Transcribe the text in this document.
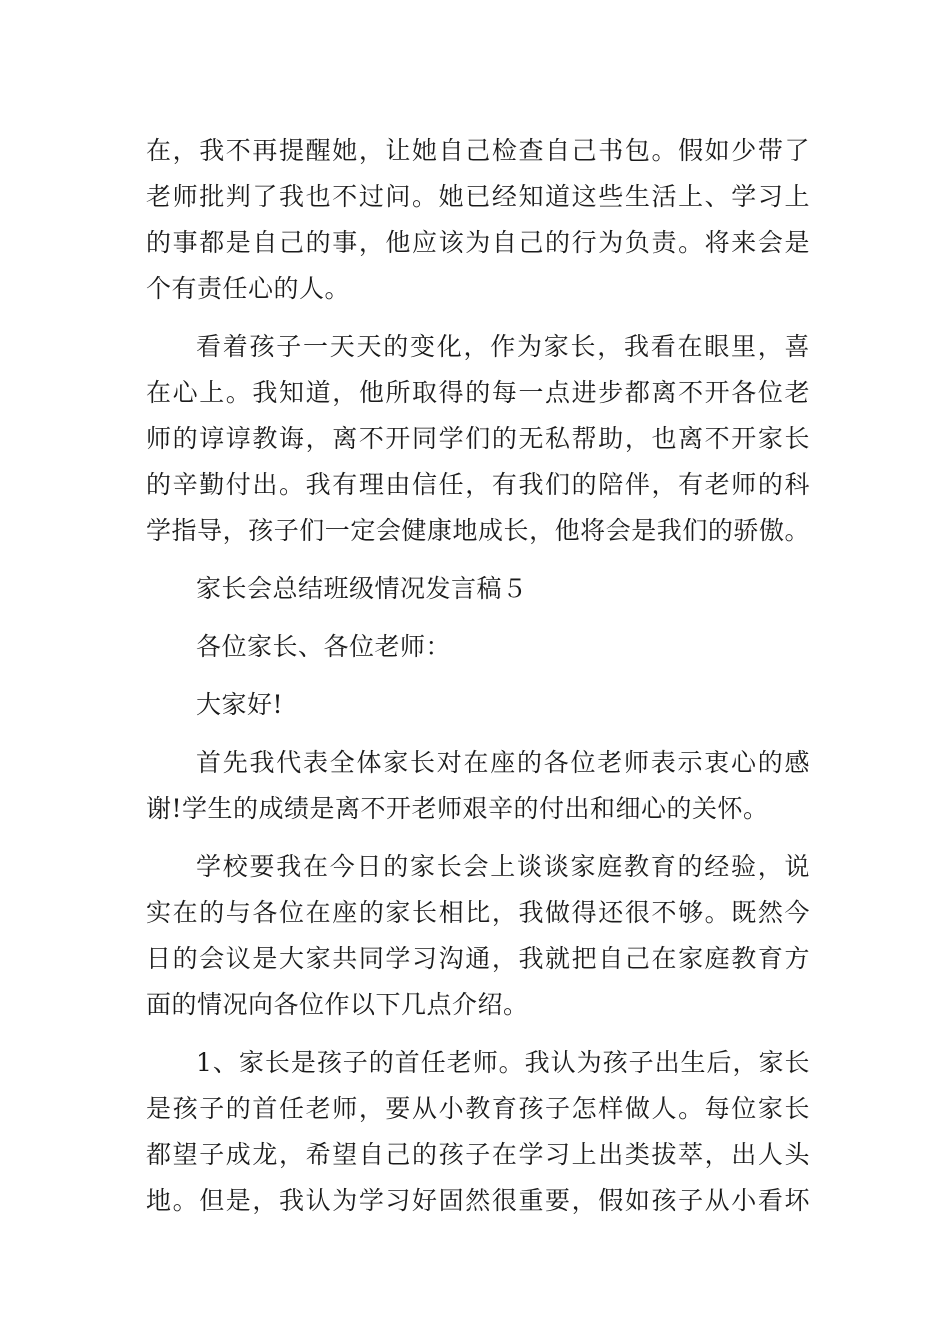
在，我不再提醒她，让她自己检查自己书包。假如少带了
老师批判了我也不过问。她已经知道这些生活上、学习上
的事都是自己的事，他应该为自己的行为负责。将来会是
个有责任心的人。
看着孩子一天天的变化，作为家长，我看在眼里，喜
在心上。我知道，他所取得的每一点进步都离不开各位老
师的谆谆教诲，离不开同学们的无私帮助，也离不开家长
的辛勤付出。我有理由信任，有我们的陪伴，有老师的科
学指导，孩子们一定会健康地成长，他将会是我们的骄傲。
家长会总结班级情况发言稿５
各位家长、各位老师：
大家好!
首先我代表全体家长对在座的各位老师表示衷心的感
谢!学生的成绩是离不开老师艰辛的付出和细心的关怀。
学校要我在今日的家长会上谈谈家庭教育的经验，说
实在的与各位在座的家长相比，我做得还很不够。既然今
日的会议是大家共同学习沟通，我就把自己在家庭教育方
面的情况向各位作以下几点介绍。
1、家长是孩子的首任老师。我认为孩子出生后，家长
是孩子的首任老师，要从小教育孩子怎样做人。每位家长
都望子成龙，希望自己的孩子在学习上出类拔萃，出人头
地。但是，我认为学习好固然很重要，假如孩子从小看坏
